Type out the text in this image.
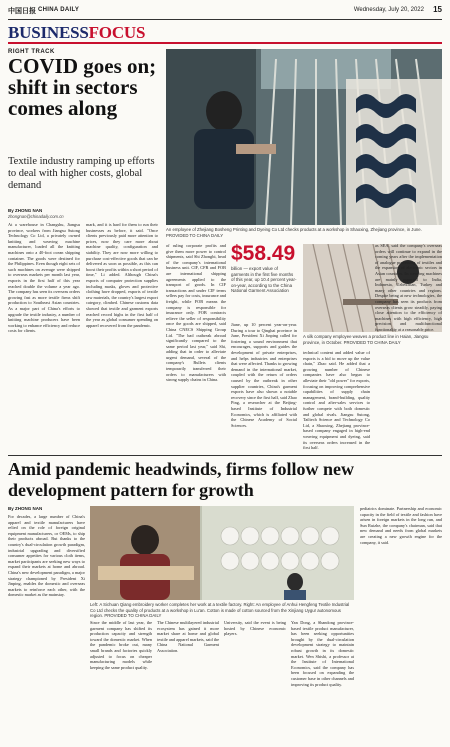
中国日报 CHINA DAILY	Wednesday, July 20, 2022 15
BUSINESSFOCUS
RIGHT TRACK
COVID goes on; shift in sectors comes along
Textile industry ramping up efforts to deal with higher costs, global demand
By ZHONG NAN
zhongnan@chinadaily.com.cn
At a warehouse in Changshu, Jiangsu province, workers from Jiangsu Sutong Technology Co Ltd, a privately owned knitting and weaving machine manufacturer, loaded all the knitting machines onto a 40-foot ocean shipping container. The goods were destined for the Philippines. Even though eight sets of such machines on average were shipped to overseas markets per month last year, exports in the first half of this year reached double the volume a year ago. The company has seen its overseas orders growing fast as more textile firms shift production to Southeast Asian countries. As a major part of China's efforts to upgrade the textile industry, a number of knitting machine producers have been working to enhance efficiency and reduce costs for clients.
mark, and it is hard for them to run their businesses as before, it said. "Once clients previously paid more attention to prices, now they care more about machine quality, configuration and stability. They are now more willing to purchase cost-effective goods that can be delivered as soon as possible, as this can boost their profits within a short period of time," Li added. Although China's exports of computer protection supplies including masks, gloves and protective clothing have dropped, exports of textile raw materials, the country's largest export category, climbed. Chinese customs data showed that textile and garment exports reached record highs in the first half of the year as global consumer spending on apparel recovered from the pandemic.
An employee of Zhejiang Bosheng Printing and Dyeing Co Ltd checks products at a workshop in Shaoxing, Zhejiang province, in June. PROVIDED TO CHINA DAILY
$58.49
billion — export value of garments in the first five months of this year, up 10.4 percent year-on-year, according to the China National Garment Association
of ruling corporate profits and give them more power to control shipments, said Shi Zhongbi, head of the company's international business unit. CIF, CFR and FOB are international shipping agreements applied to the transport of goods. In CIF transactions and under CIF terms sellers pay for costs, insurance and freight, while FOB means the company is responsible for insurance only. FOB contracts relieve the seller of responsibility once the goods are shipped, said China CNECS Shipping Group Ltd. "The bad outbreak abroad significantly compared to the same period last year," said Shi, adding that in order to alleviate urgent demand, several of the company's Bullets clients temporarily transferred their orders to manufacturers with strong supply chains in China.
Jiane, up 10 percent year-on-year. During a tour to Qinghai province in June, President Xi Jinping called for fostering a sound environment that encourages, supports and guides the development of private enterprises, and helps industries and enterprises that were affected. Thanks to growing demand in the international market, coupled with the return of orders caused by the outbreak in other supplier countries, China's garment exports have also shown a notable recovery since the first half, said Zhao Ping, a researcher at the Beijing-based Institute of Industrial Economics, which is affiliated with the Chinese Academy of Social Sciences.
A silk company employee weaves a product line in Haian, Jiangsu province, in October. PROVIDED TO CHINA DAILY
technical content and added value of exports is a bid to move up the value chain," Zhao said. He added that a growing number of Chinese companies have also begun to alleviate their "old power" for exports, focusing on improving comprehensive capabilities of supply chain management, brand-building, quality control and after-sales services to further compete with both domestic and global rivals. Jiangsu Sutong, Tailtech Science and Technology Co Ltd, a Shaoxing, Zhejiang province-based company engaged in high-end weaving equipment and dyeing, said its overseas orders increased in the first half.
as SEA, said the company's overseas orders will continue to expand in the coming years after the implementation of analogue processing of textiles and the expansion of electronic sectors in Asian countries. Its weaving machines are mainly exported to India, Indonesia, Uzbekistan, Turkey and many other countries and regions. Despite being at new technologies, the company has seen its products from overseas clients grow steadily, paying close attention to the efficiency of machines with high efficiency, high precision and multifunctional functionality at a reasonable price.
Amid pandemic headwinds, firms follow new development pattern for growth
By ZHONG NAN
For decades, a large number of China's apparel and textile manufacturers have relied on the role of foreign original equipment manufacturers, or OEMs, to ship their products abroad. But thanks to the country's dual-circulation growth paradigm, industrial upgrading and diversified consumer appetites for various cloth items, market participants are seeking new ways to expand their markets at home and abroad. China's new development paradigm, a major strategy championed by President Xi Jinping, enables the domestic and overseas markets to reinforce each other, with the domestic market as the mainstay.
Left: A Sichuan Qiang embroidery worker completes her work at a textile factory. Right: An employee of Anhui Hengfeng Textile Industrial Co Ltd checks the quality of products at a workshop in Lu'an. Cotton is made of cotton sourced from the Xinjiang Uygur autonomous region. PROVIDED TO CHINA DAILY
Since the middle of last year, the garment company has shifted its production capacity and strength toward the domestic market. When the pandemic broke out, many small brands and factories quickly adjusted to focus on cheaper manufacturing models while keeping the same product quality.
The Chinese multilayered industrial ecosystem has gained it more market share at home and global textile and apparel markets, said the China National Garment Association.
University, said the event is being hosted by Chinese economic players.
Yan Dong, a Shandong province-based textile product manufacturer, has been seeking opportunities brought by the dual-circulation development strategy to maintain robust growth in its domestic market. Wen Shishi, a professor at the Institute of International Economics, said the company has been focused on expanding the customer base in other channels and improving its product quality.
pediatrics dominate. Partnership and economic capacity in the field of textile and fashion have arisen in foreign markets in the long run, and Sun Ruizhe, the company's chairman, said that new demand and needs from global markets are creating a new growth engine for the company, it said.
